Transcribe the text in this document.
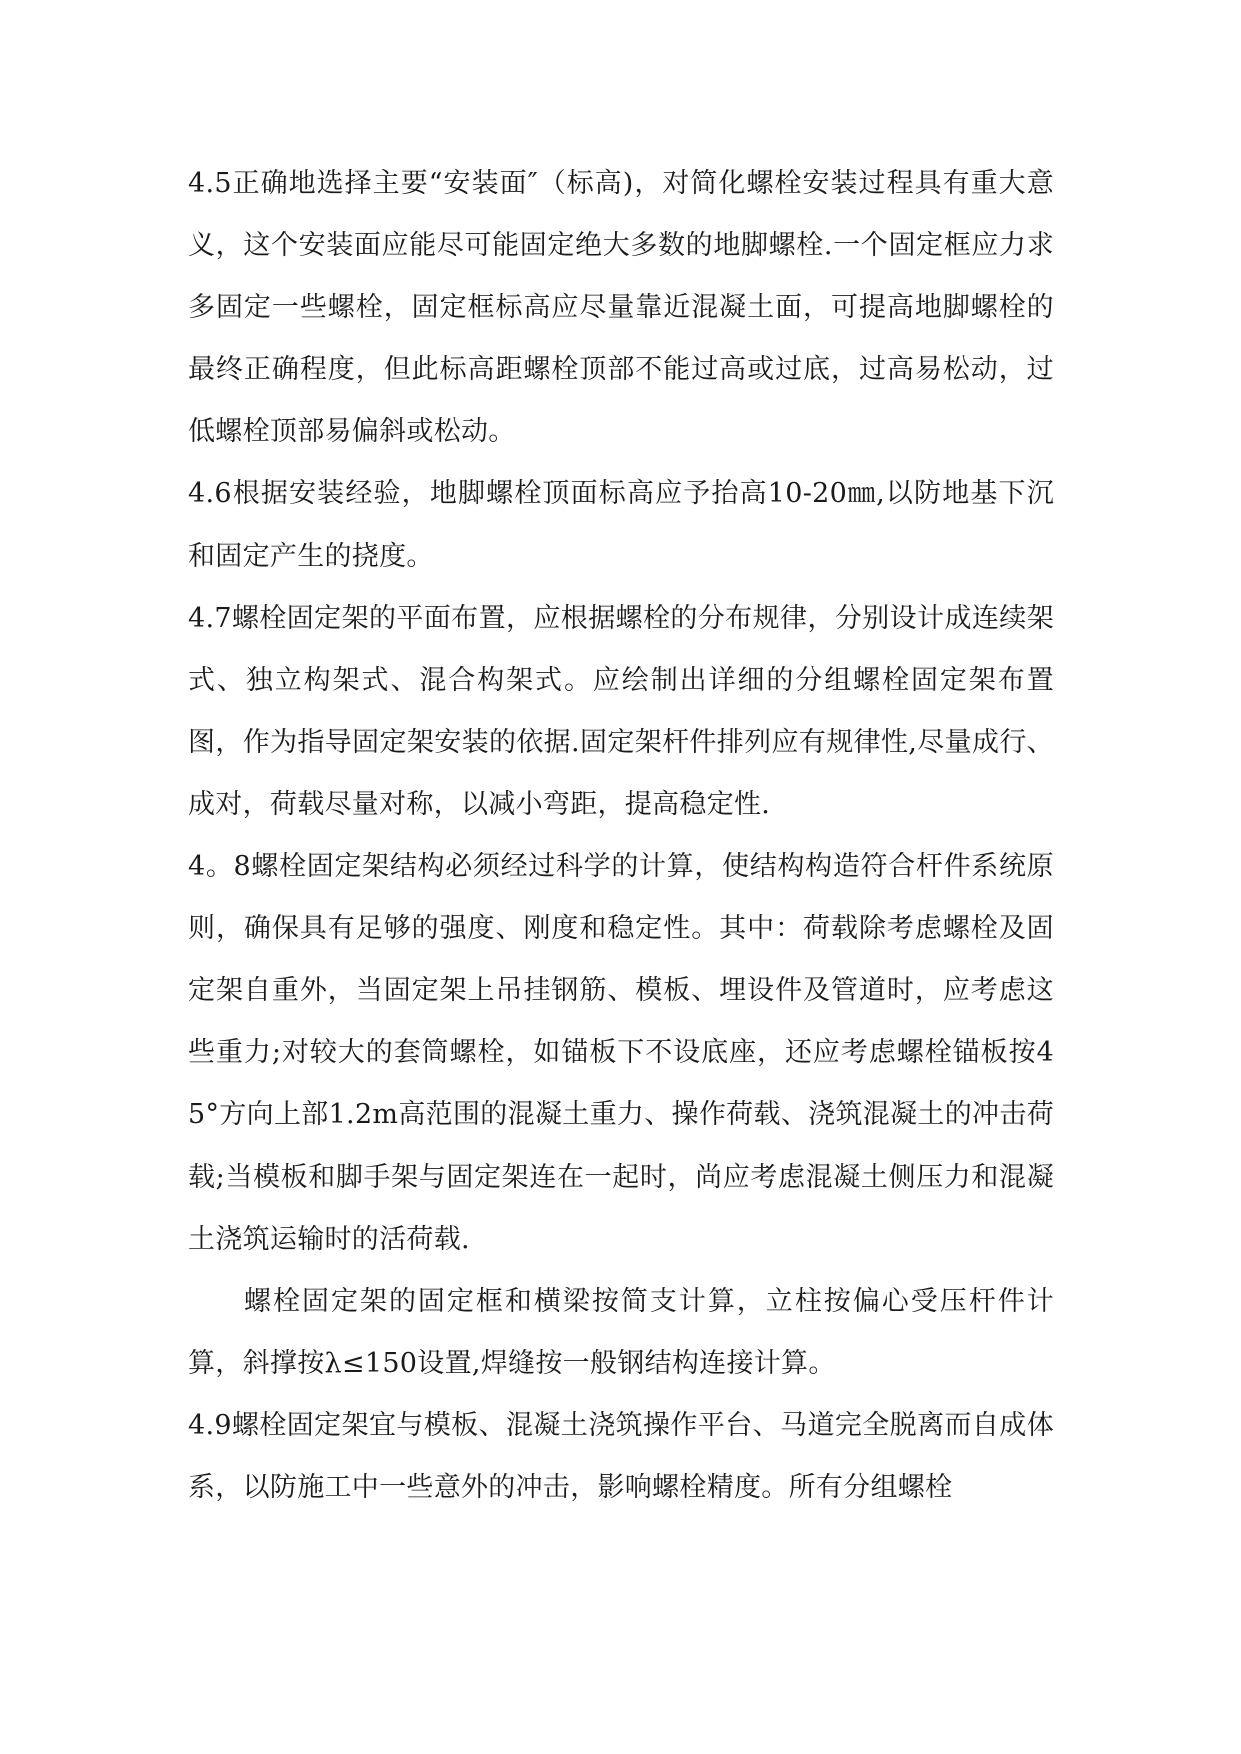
4.5正确地选择主要“安装面″（标高)，对简化螺栓安装过程具有重大意义，这个安装面应能尽可能固定绝大多数的地脚螺栓.一个固定框应力求多固定一些螺栓，固定框标高应尽量靠近混凝土面，可提高地脚螺栓的最终正确程度，但此标高距螺栓顶部不能过高或过底，过高易松动，过低螺栓顶部易偏斜或松动。

4.6根据安装经验，地脚螺栓顶面标高应予抬高10-20㎜,以防地基下沉和固定产生的挠度。

4.7螺栓固定架的平面布置，应根据螺栓的分布规律，分别设计成连续架式、独立构架式、混合构架式。应绘制出详细的分组螺栓固定架布置图，作为指导固定架安装的依据.固定架杆件排列应有规律性,尽量成行、成对，荷载尽量对称，以减小弯距，提高稳定性.

4。8螺栓固定架结构必须经过科学的计算，使结构构造符合杆件系统原则，确保具有足够的强度、刚度和稳定性。其中：荷载除考虑螺栓及固定架自重外，当固定架上吊挂钢筋、模板、埋设件及管道时，应考虑这些重力;对较大的套筒螺栓，如锚板下不设底座，还应考虑螺栓锚板按45°方向上部1.2m高范围的混凝土重力、操作荷载、浇筑混凝土的冲击荷载;当模板和脚手架与固定架连在一起时，尚应考虑混凝土侧压力和混凝土浇筑运输时的活荷载.

螺栓固定架的固定框和横梁按简支计算，立柱按偏心受压杆件计算，斜撑按λ≤150设置,焊缝按一般钢结构连接计算。

4.9螺栓固定架宜与模板、混凝土浇筑操作平台、马道完全脱离而自成体系，以防施工中一些意外的冲击，影响螺栓精度。所有分组螺栓
